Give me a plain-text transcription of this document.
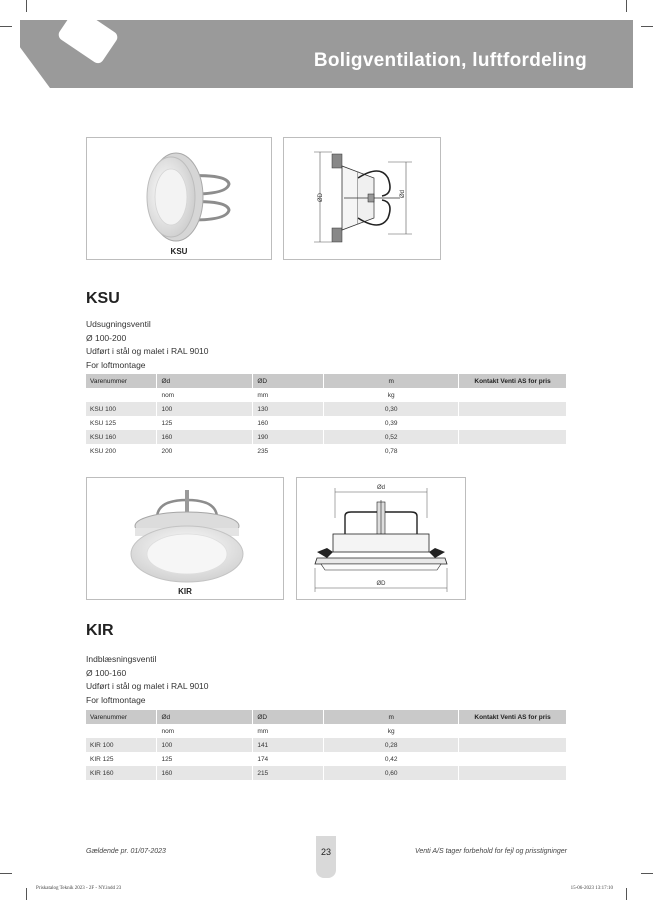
Boligventilation, luftfordeling
KSU
ØD	Ød
KSU
Udsugningsventil
Ø 100-200
Udført i stål og malet i RAL 9010
For loftmontage
Varenummer	Ød	ØD	m	Kontakt Venti AS for pris
	nom	mm	kg	
KSU 100	100	130	0,30	
KSU 125	125	160	0,39	
KSU 160	160	190	0,52	
KSU 200	200	235	0,78	
KIR
Ød
ØD
KIR
Indblæsningsventil
Ø 100-160
Udført i stål og malet i RAL 9010
For loftmontage
Varenummer	Ød	ØD	m	Kontakt Venti AS for pris
	nom	mm	kg	
KIR 100	100	141	0,28	
KIR 125	125	174	0,42	
KIR 160	160	215	0,60	
Gældende pr. 01/07-2023	23	Venti A/S tager forbehold for fejl og prisstigninger
Priskatalog Teknik 2023 - 2F - NY.indd 23	15-06-2023 13:17:10
